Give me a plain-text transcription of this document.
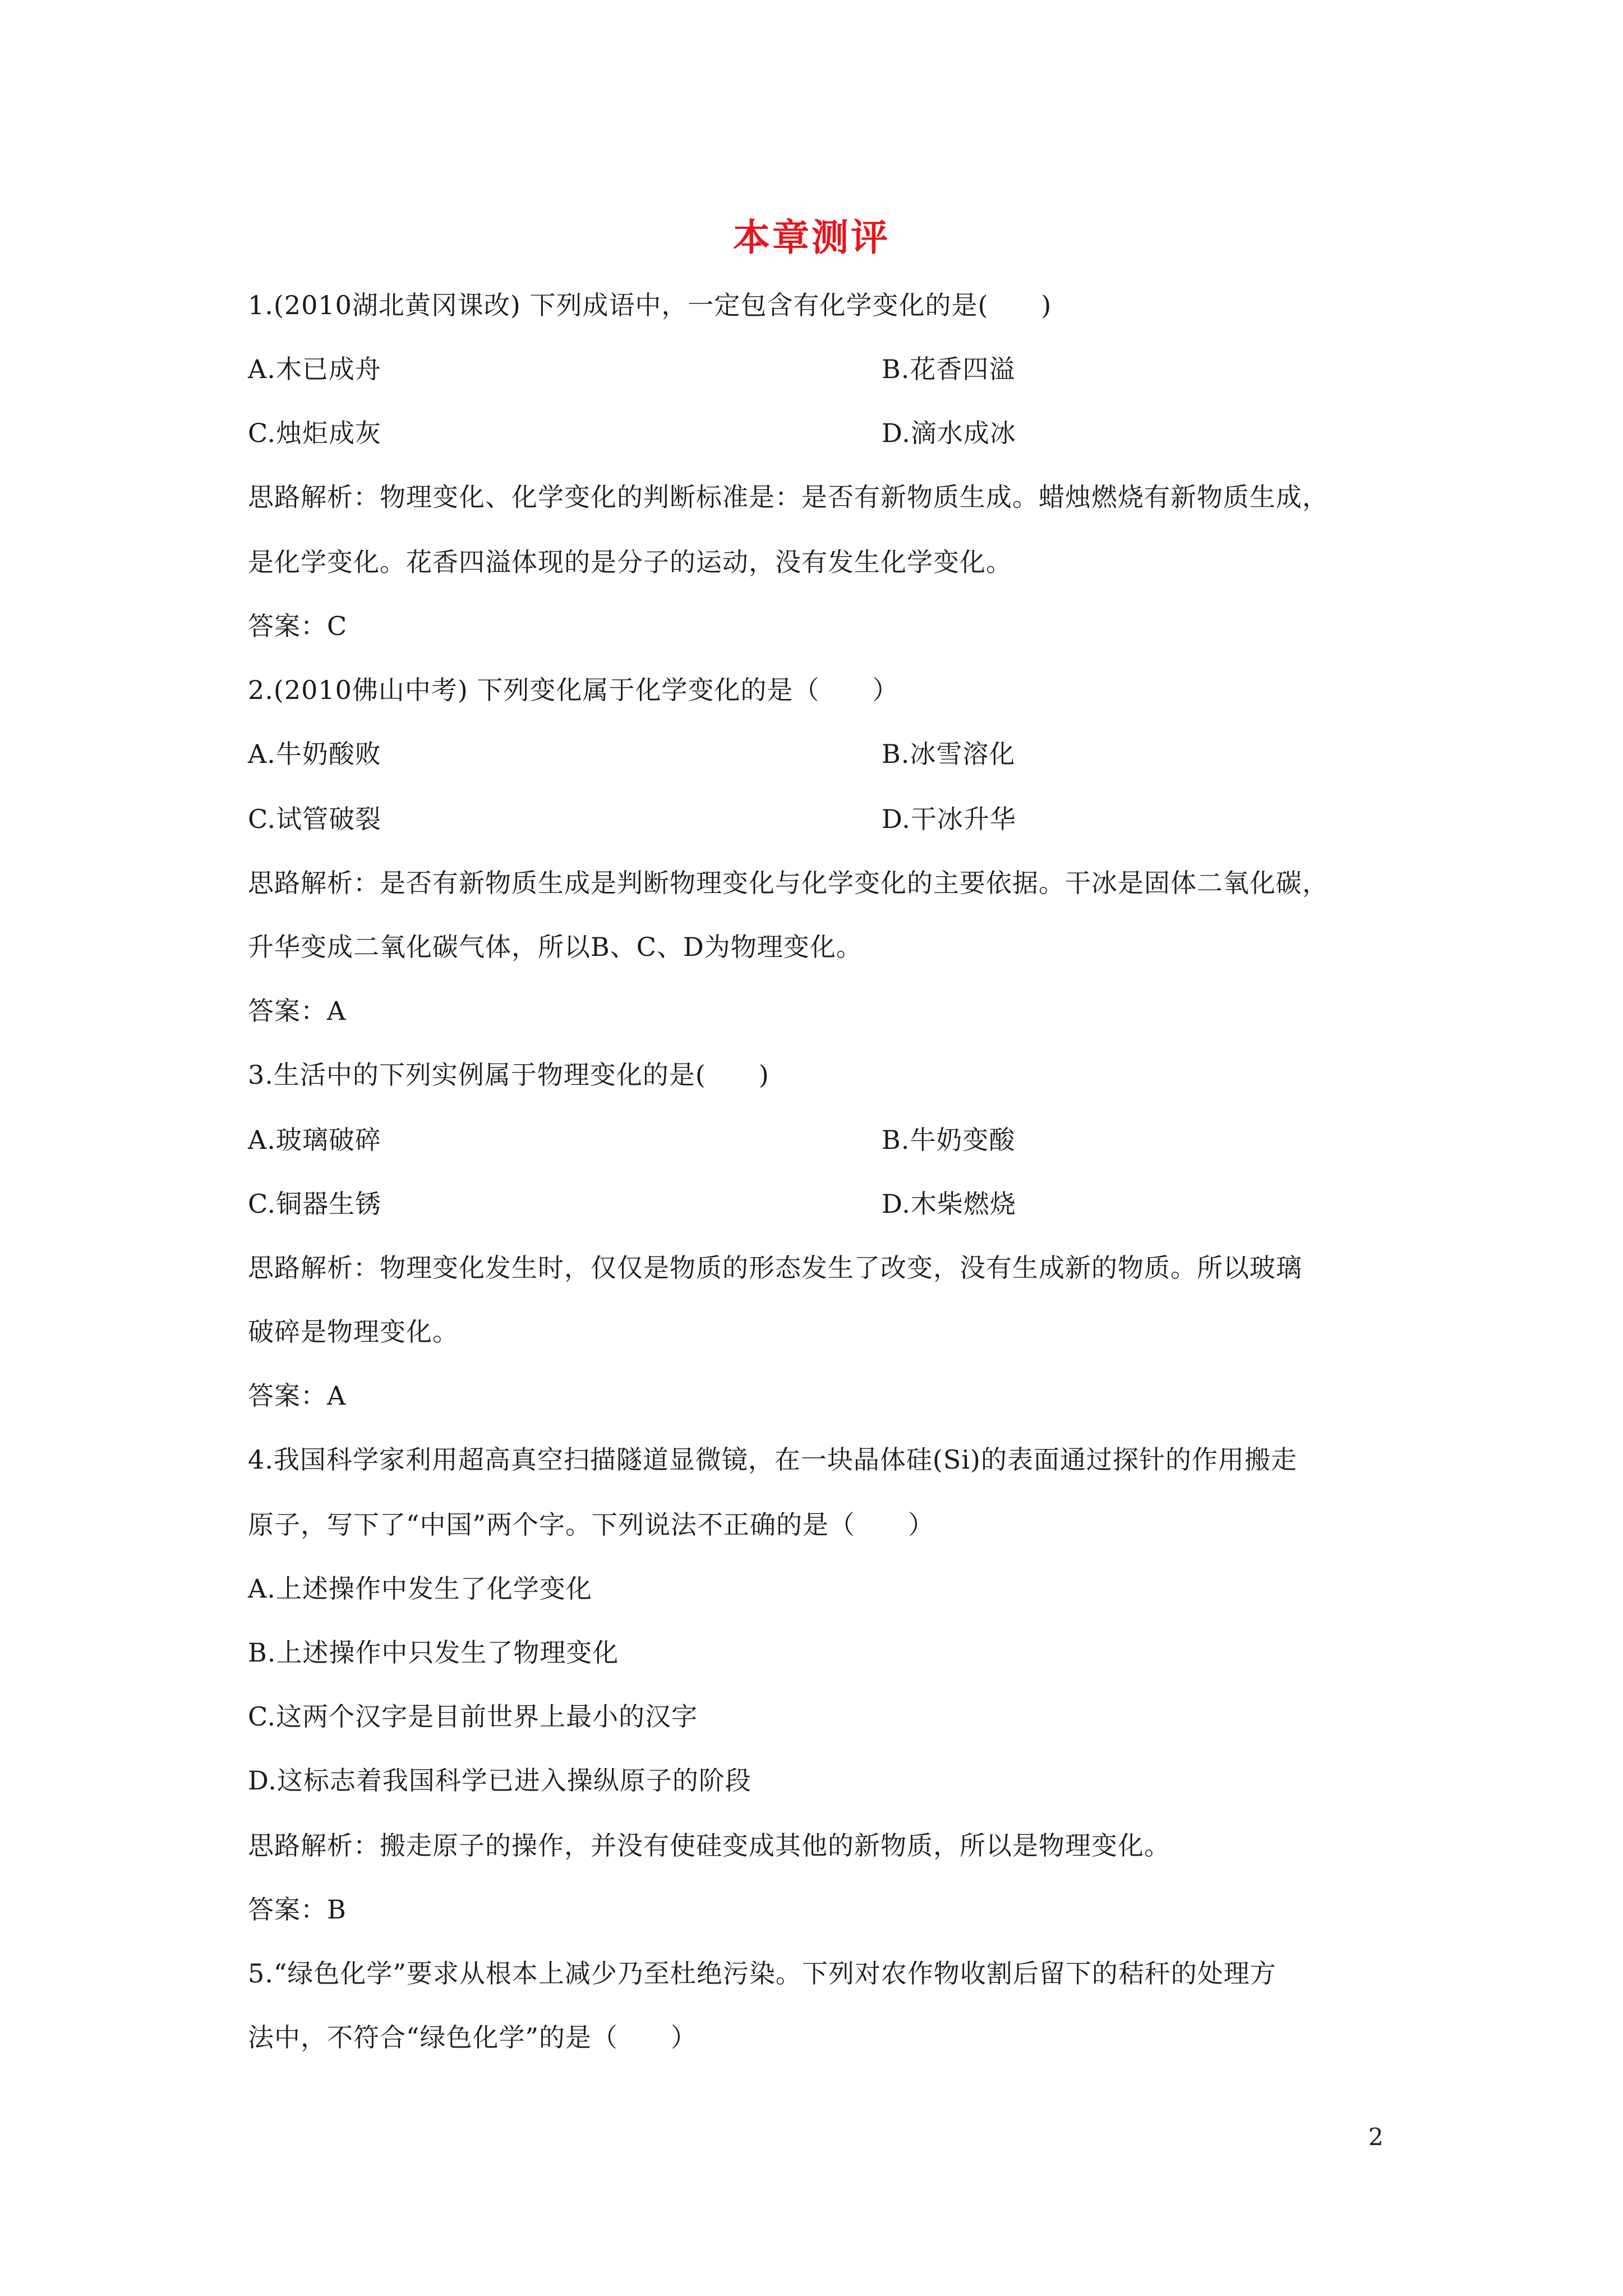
本章测评
1.(2010湖北黄冈课改) 下列成语中，一定包含有化学变化的是(　　)
A.木已成舟	B.花香四溢
C.烛炬成灰	D.滴水成冰
思路解析：物理变化、化学变化的判断标准是：是否有新物质生成。蜡烛燃烧有新物质生成，
是化学变化。花香四溢体现的是分子的运动，没有发生化学变化。
答案：C
2.(2010佛山中考) 下列变化属于化学变化的是（　　）
A.牛奶酸败	B.冰雪溶化
C.试管破裂	D.干冰升华
思路解析：是否有新物质生成是判断物理变化与化学变化的主要依据。干冰是固体二氧化碳，
升华变成二氧化碳气体，所以B、C、D为物理变化。
答案：A
3.生活中的下列实例属于物理变化的是(　　)
A.玻璃破碎	B.牛奶变酸
C.铜器生锈	D.木柴燃烧
思路解析：物理变化发生时，仅仅是物质的形态发生了改变，没有生成新的物质。所以玻璃
破碎是物理变化。
答案：A
4.我国科学家利用超高真空扫描隧道显微镜，在一块晶体硅(Si)的表面通过探针的作用搬走
原子，写下了“中国”两个字。下列说法不正确的是（　　）
A.上述操作中发生了化学变化
B.上述操作中只发生了物理变化
C.这两个汉字是目前世界上最小的汉字
D.这标志着我国科学已进入操纵原子的阶段
思路解析：搬走原子的操作，并没有使硅变成其他的新物质，所以是物理变化。
答案：B
5.“绿色化学”要求从根本上减少乃至杜绝污染。下列对农作物收割后留下的秸秆的处理方
法中，不符合“绿色化学”的是（　　）
2
